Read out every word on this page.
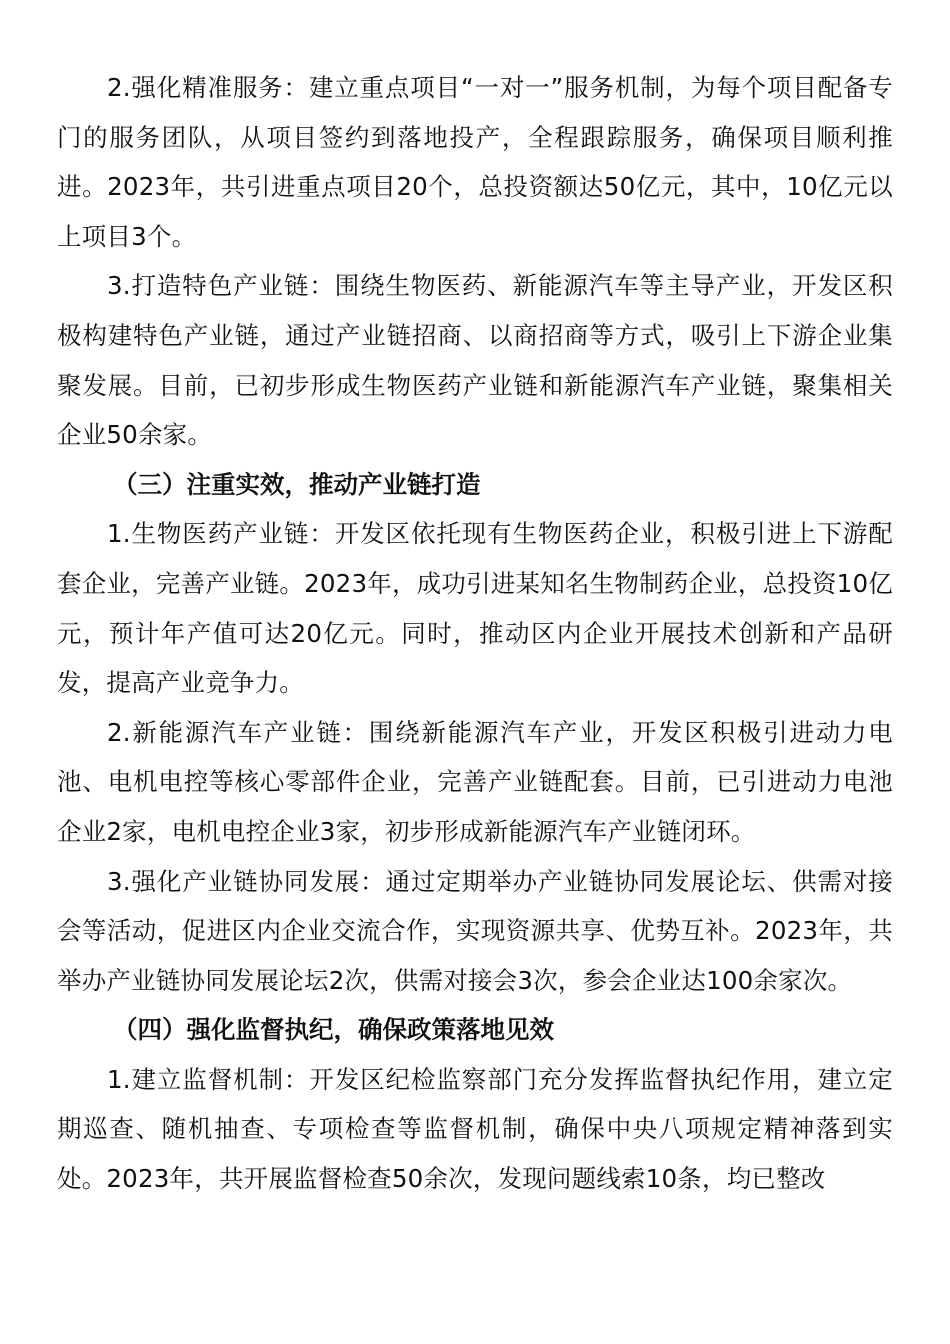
2.强化精准服务：建立重点项目“一对一”服务机制，为每个项目配备专门的服务团队，从项目签约到落地投产，全程跟踪服务，确保项目顺利推进。2023年，共引进重点项目20个，总投资额达50亿元，其中，10亿元以上项目3个。

3.打造特色产业链：围绕生物医药、新能源汽车等主导产业，开发区积极构建特色产业链，通过产业链招商、以商招商等方式，吸引上下游企业集聚发展。目前，已初步形成生物医药产业链和新能源汽车产业链，聚集相关企业50余家。

（三）注重实效，推动产业链打造

1.生物医药产业链：开发区依托现有生物医药企业，积极引进上下游配套企业，完善产业链。2023年，成功引进某知名生物制药企业，总投资10亿元，预计年产值可达20亿元。同时，推动区内企业开展技术创新和产品研发，提高产业竞争力。

2.新能源汽车产业链：围绕新能源汽车产业，开发区积极引进动力电池、电机电控等核心零部件企业，完善产业链配套。目前，已引进动力电池企业2家，电机电控企业3家，初步形成新能源汽车产业链闭环。

3.强化产业链协同发展：通过定期举办产业链协同发展论坛、供需对接会等活动，促进区内企业交流合作，实现资源共享、优势互补。2023年，共举办产业链协同发展论坛2次，供需对接会3次，参会企业达100余家次。

（四）强化监督执纪，确保政策落地见效

1.建立监督机制：开发区纪检监察部门充分发挥监督执纪作用，建立定期巡查、随机抽查、专项检查等监督机制，确保中央八项规定精神落到实处。2023年，共开展监督检查50余次，发现问题线索10条，均已整改
